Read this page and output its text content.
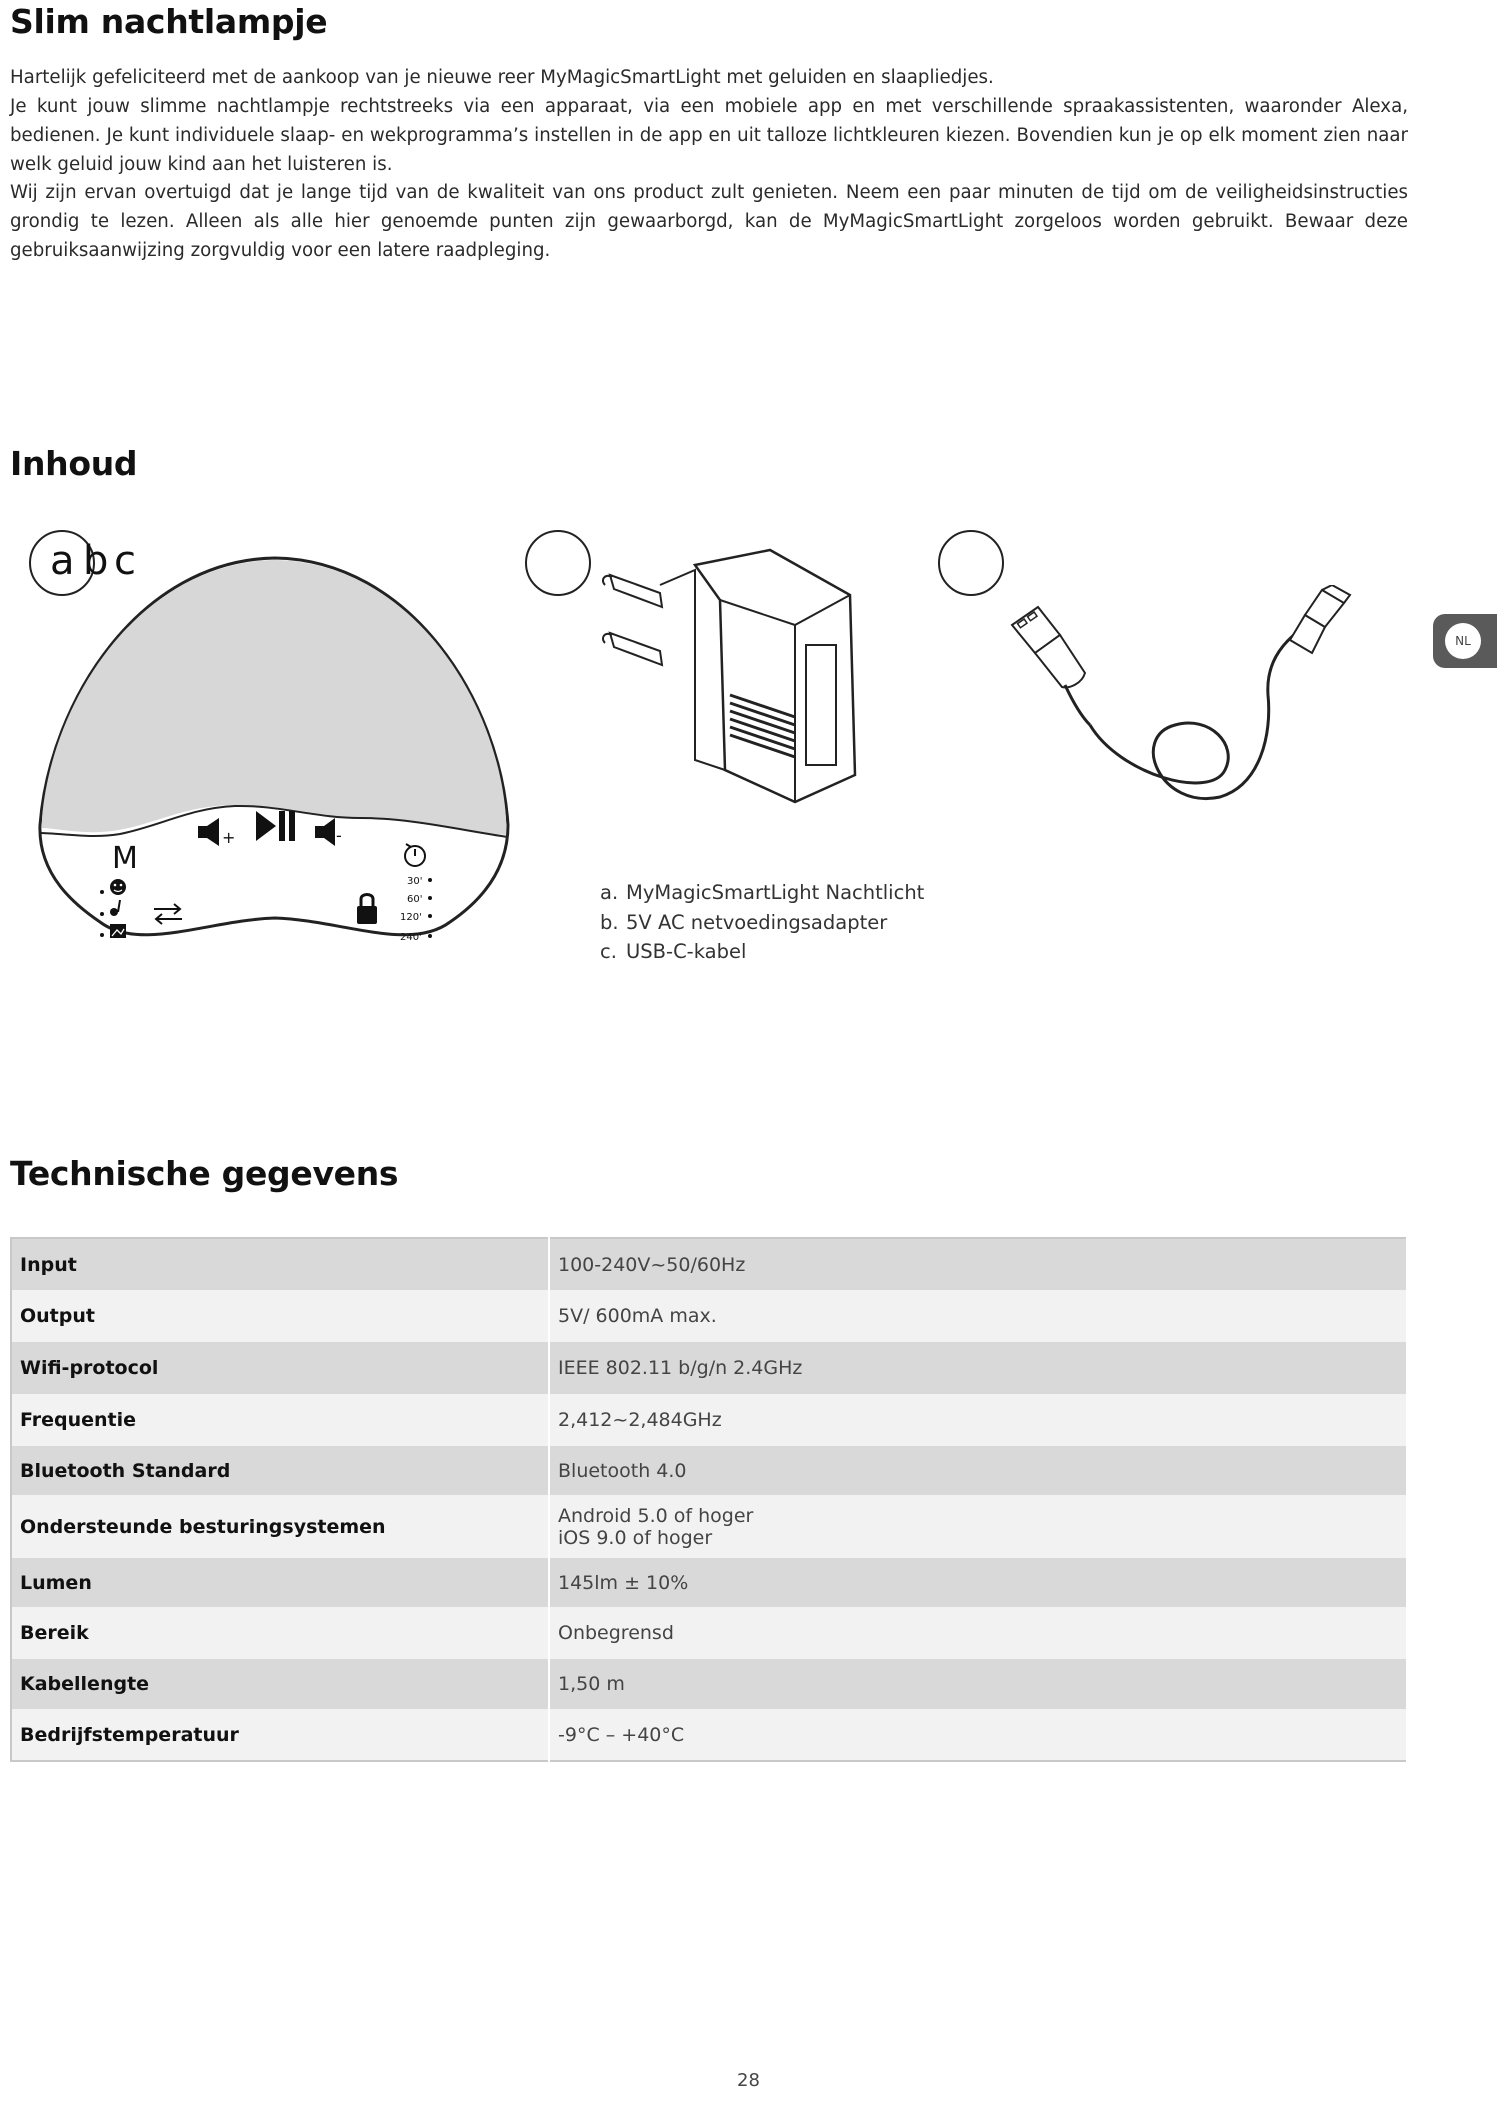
Slim nachtlampje

Hartelijk gefeliciteerd met de aankoop van je nieuwe reer MyMagicSmartLight met geluiden en slaapliedjes.

Je kunt jouw slimme nachtlampje rechtstreeks via een apparaat, via een mobiele app en met verschillende spraakassistenten, waaronder Alexa, bedienen. Je kunt individuele slaap- en wekprogramma’s instellen in de app en uit talloze lichtkleuren kiezen. Bovendien kun je op elk moment zien naar welk geluid jouw kind aan het luisteren is.

Wij zijn ervan overtuigd dat je lange tijd van de kwaliteit van ons product zult genieten. Neem een paar minuten de tijd om de veiligheidsinstructies grondig te lezen. Alleen als alle hier genoemde punten zijn gewaarborgd, kan de MyMagicSmartLight zorgeloos worden gebruikt. Bewaar deze gebruiksaanwijzing zorgvuldig voor een latere raadpleging.

Inhoud
a b c
M
+	-
30'
60'
120'
240'
a. MyMagicSmartLight Nachtlicht
b. 5V AC netvoedingsadapter
c. USB-C-kabel
Technische gegevens
Input	100-240V~50/60Hz
Output	5V/ 600mA max.
Wifi-protocol	IEEE 802.11 b/g/n 2.4GHz
Frequentie	2,412~2,484GHz
Bluetooth Standard	Bluetooth 4.0
Ondersteunde besturingsystemen	Android 5.0 of hoger
iOS 9.0 of hoger

Lumen	145lm ± 10%
Bereik	Onbegrensd
Kabellengte	1,50 m
Bedrijfstemperatuur	-9°C – +40°C
NL
28
